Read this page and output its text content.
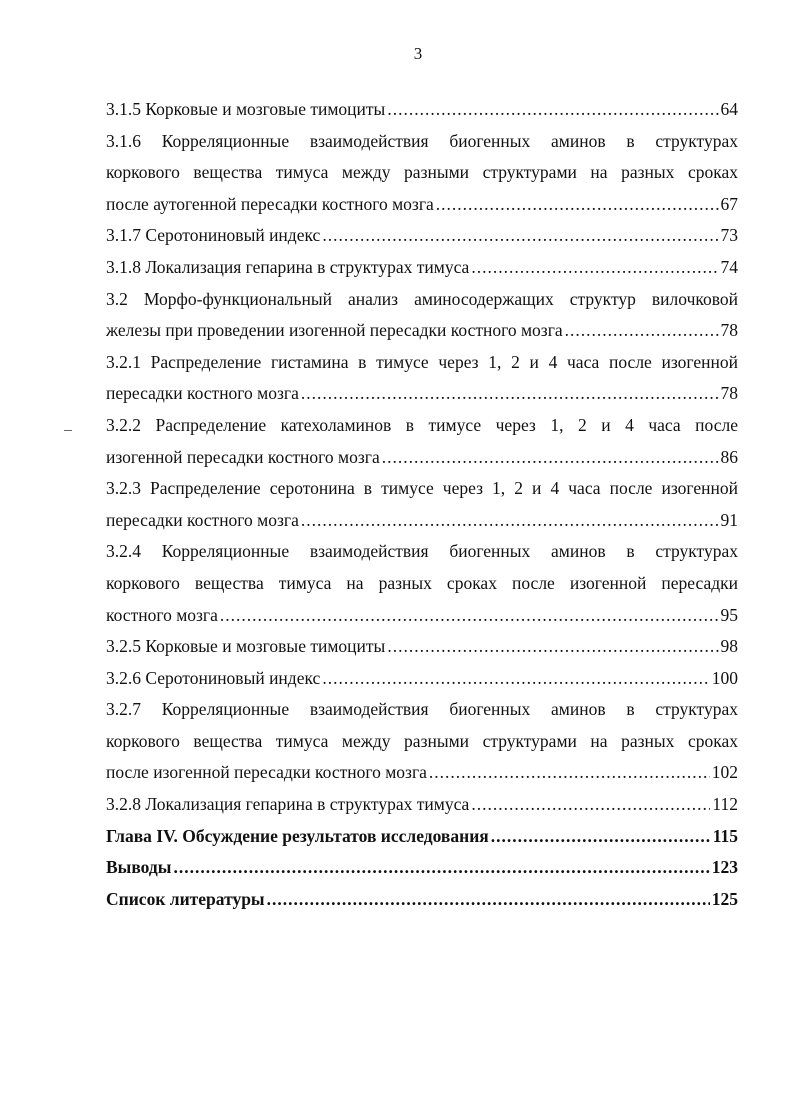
3
3.1.5 Корковые и мозговые тимоциты .....	64
3.1.6 Корреляционные взаимодействия биогенных аминов в структурах
коркового вещества тимуса между разными структурами на разных сроках
после аутогенной пересадки костного мозга .....	67
3.1.7 Серотониновый индекс .....	73
3.1.8 Локализация гепарина в структурах тимуса .....	74
3.2 Морфо-функциональный анализ аминосодержащих структур вилочковой
железы при проведении изогенной пересадки костного мозга .....	78
3.2.1 Распределение гистамина в тимусе через 1, 2 и 4 часа после изогенной
пересадки костного мозга .....	78
3.2.2 Распределение катехоламинов в тимусе через 1, 2 и 4 часа после
изогенной пересадки костного мозга .....	86
3.2.3 Распределение серотонина в тимусе через 1, 2 и 4 часа после изогенной
пересадки костного мозга .....	91
3.2.4 Корреляционные взаимодействия биогенных аминов в структурах
коркового вещества тимуса на разных сроках после изогенной пересадки
костного мозга .....	95
3.2.5 Корковые и мозговые тимоциты .....	98
3.2.6 Серотониновый индекс .....	100
3.2.7 Корреляционные взаимодействия биогенных аминов в структурах
коркового вещества тимуса между разными структурами на разных сроках
после изогенной пересадки костного мозга .....	102
3.2.8 Локализация гепарина в структурах тимуса .....	112
Глава IV. Обсуждение результатов исследования .....	115
Выводы .....	123
Список литературы .....	125
